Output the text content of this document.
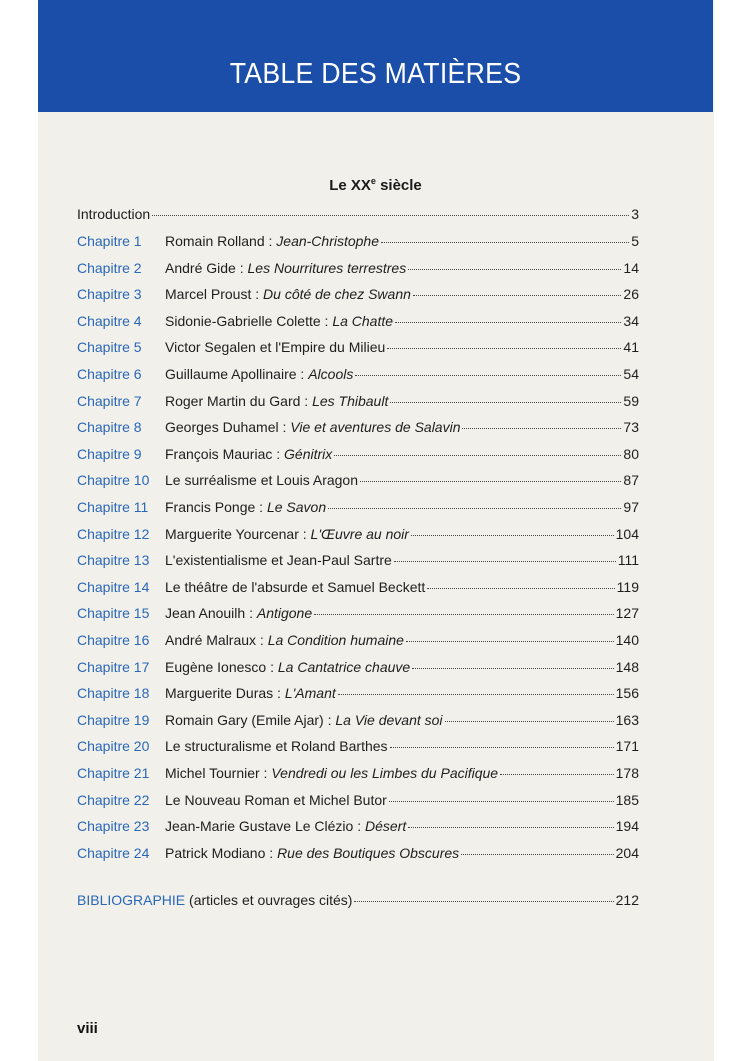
TABLE DES MATIÈRES
Le XXe siècle
Introduction	3
Chapitre 1	Romain Rolland : Jean-Christophe	5
Chapitre 2	André Gide : Les Nourritures terrestres	14
Chapitre 3	Marcel Proust : Du côté de chez Swann	26
Chapitre 4	Sidonie-Gabrielle Colette : La Chatte	34
Chapitre 5	Victor Segalen et l'Empire du Milieu	41
Chapitre 6	Guillaume Apollinaire : Alcools	54
Chapitre 7	Roger Martin du Gard : Les Thibault	59
Chapitre 8	Georges Duhamel : Vie et aventures de Salavin	73
Chapitre 9	François Mauriac : Génitrix	80
Chapitre 10	Le surréalisme et Louis Aragon	87
Chapitre 11	Francis Ponge : Le Savon	97
Chapitre 12	Marguerite Yourcenar : L'Œuvre au noir	104
Chapitre 13	L'existentialisme et Jean-Paul Sartre	111
Chapitre 14	Le théâtre de l'absurde et Samuel Beckett	119
Chapitre 15	Jean Anouilh : Antigone	127
Chapitre 16	André Malraux : La Condition humaine	140
Chapitre 17	Eugène Ionesco : La Cantatrice chauve	148
Chapitre 18	Marguerite Duras : L'Amant	156
Chapitre 19	Romain Gary (Emile Ajar) : La Vie devant soi	163
Chapitre 20	Le structuralisme et Roland Barthes	171
Chapitre 21	Michel Tournier : Vendredi ou les Limbes du Pacifique	178
Chapitre 22	Le Nouveau Roman et Michel Butor	185
Chapitre 23	Jean-Marie Gustave Le Clézio : Désert	194
Chapitre 24	Patrick Modiano : Rue des Boutiques Obscures	204
BIBLIOGRAPHIE (articles et ouvrages cités)	212
viii
